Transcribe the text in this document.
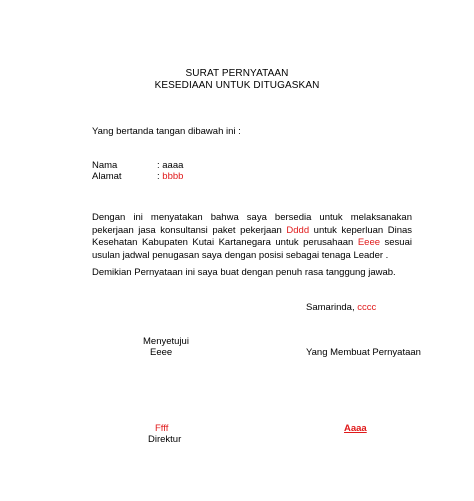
SURAT PERNYATAAN
KESEDIAAN UNTUK DITUGASKAN
Yang bertanda tangan dibawah ini :
Nama	: aaaa
Alamat	: bbbb
Dengan ini menyatakan bahwa saya bersedia untuk melaksanakan pekerjaan jasa konsultansi paket pekerjaan Dddd untuk keperluan Dinas Kesehatan Kabupaten Kutai Kartanegara untuk perusahaan Eeee sesuai usulan jadwal penugasan saya dengan posisi sebagai tenaga Leader .
Demikian Pernyataan ini saya buat dengan penuh rasa tanggung jawab.
Samarinda, cccc
Menyetujui
Eeee	Yang Membuat Pernyataan
Ffff
Direktur
Aaaa
